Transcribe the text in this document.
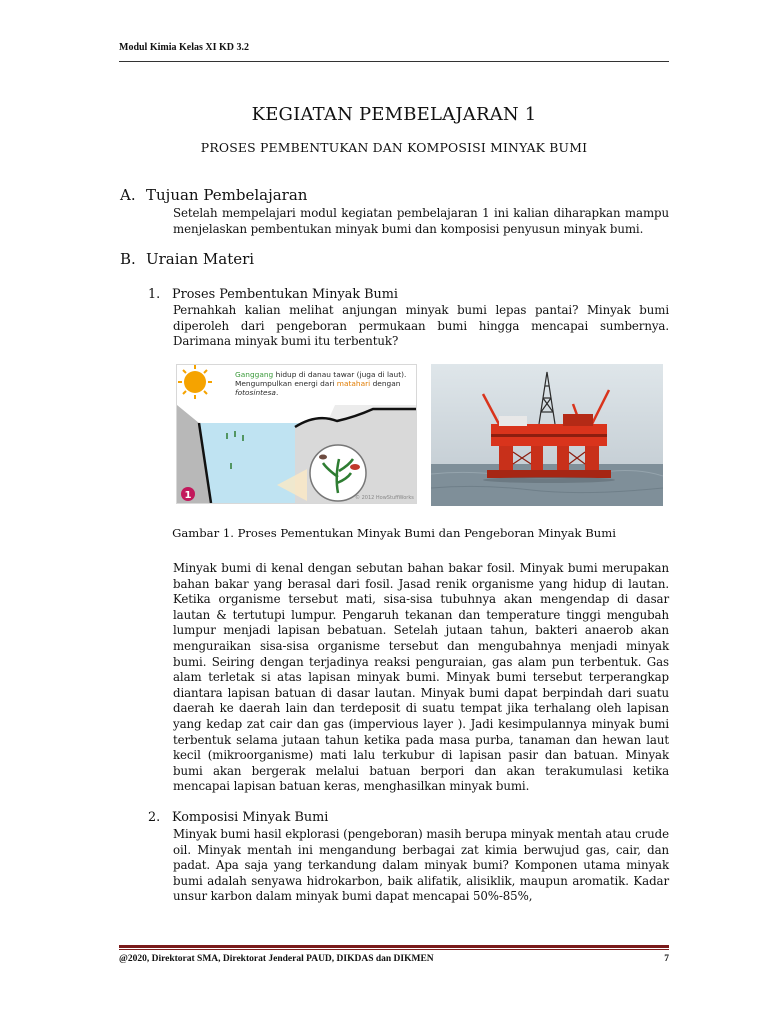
Modul Kimia Kelas XI KD 3.2
KEGIATAN PEMBELAJARAN 1
PROSES PEMBENTUKAN DAN KOMPOSISI MINYAK BUMI
A. Tujuan Pembelajaran

Setelah mempelajari modul kegiatan pembelajaran 1 ini kalian diharapkan mampu menjelaskan pembentukan minyak bumi dan komposisi penyusun minyak bumi.

B. Uraian Materi
1. Proses Pembentukan Minyak Bumi

Pernahkah kalian melihat anjungan minyak bumi lepas pantai? Minyak bumi diperoleh dari pengeboran permukaan bumi hingga mencapai sumbernya. Darimana minyak bumi itu terbentuk?

1	© 2012 HowStuffWorks
Ganggang hidup di danau tawar (juga di laut).
Mengumpulkan energi dari matahari dengan
fotosintesa.

Gambar 1. Proses Pementukan Minyak Bumi dan Pengeboran Minyak Bumi

Minyak bumi di kenal dengan sebutan bahan bakar fosil. Minyak bumi merupakan bahan bakar yang berasal dari fosil. Jasad renik organisme yang hidup di lautan. Ketika organisme tersebut mati, sisa-sisa tubuhnya akan mengendap di dasar lautan & tertutupi lumpur. Pengaruh tekanan dan temperature tinggi mengubah lumpur menjadi lapisan bebatuan. Setelah jutaan tahun, bakteri anaerob akan menguraikan sisa-sisa organisme tersebut dan mengubahnya menjadi minyak bumi. Seiring dengan terjadinya reaksi penguraian, gas alam pun terbentuk. Gas alam terletak si atas lapisan minyak bumi. Minyak bumi tersebut terperangkap diantara lapisan batuan di dasar lautan. Minyak bumi dapat berpindah dari suatu daerah ke daerah lain dan terdeposit di suatu tempat jika terhalang oleh lapisan yang kedap zat cair dan gas (impervious layer ). Jadi kesimpulannya minyak bumi terbentuk selama jutaan tahun ketika pada masa purba, tanaman dan hewan laut kecil (mikroorganisme) mati lalu terkubur di lapisan pasir dan batuan. Minyak bumi akan bergerak melalui batuan berpori dan akan terakumulasi ketika mencapai lapisan batuan keras, menghasilkan minyak bumi.

2. Komposisi Minyak Bumi

Minyak bumi hasil ekplorasi (pengeboran) masih berupa minyak mentah atau crude oil. Minyak mentah ini mengandung berbagai zat kimia berwujud gas, cair, dan padat. Apa saja yang terkandung dalam minyak bumi? Komponen utama minyak bumi adalah senyawa hidrokarbon, baik alifatik, alisiklik, maupun aromatik. Kadar unsur karbon dalam minyak bumi dapat mencapai 50%-85%,

@2020, Direktorat SMA, Direktorat Jenderal PAUD, DIKDAS dan DIKMEN	7
